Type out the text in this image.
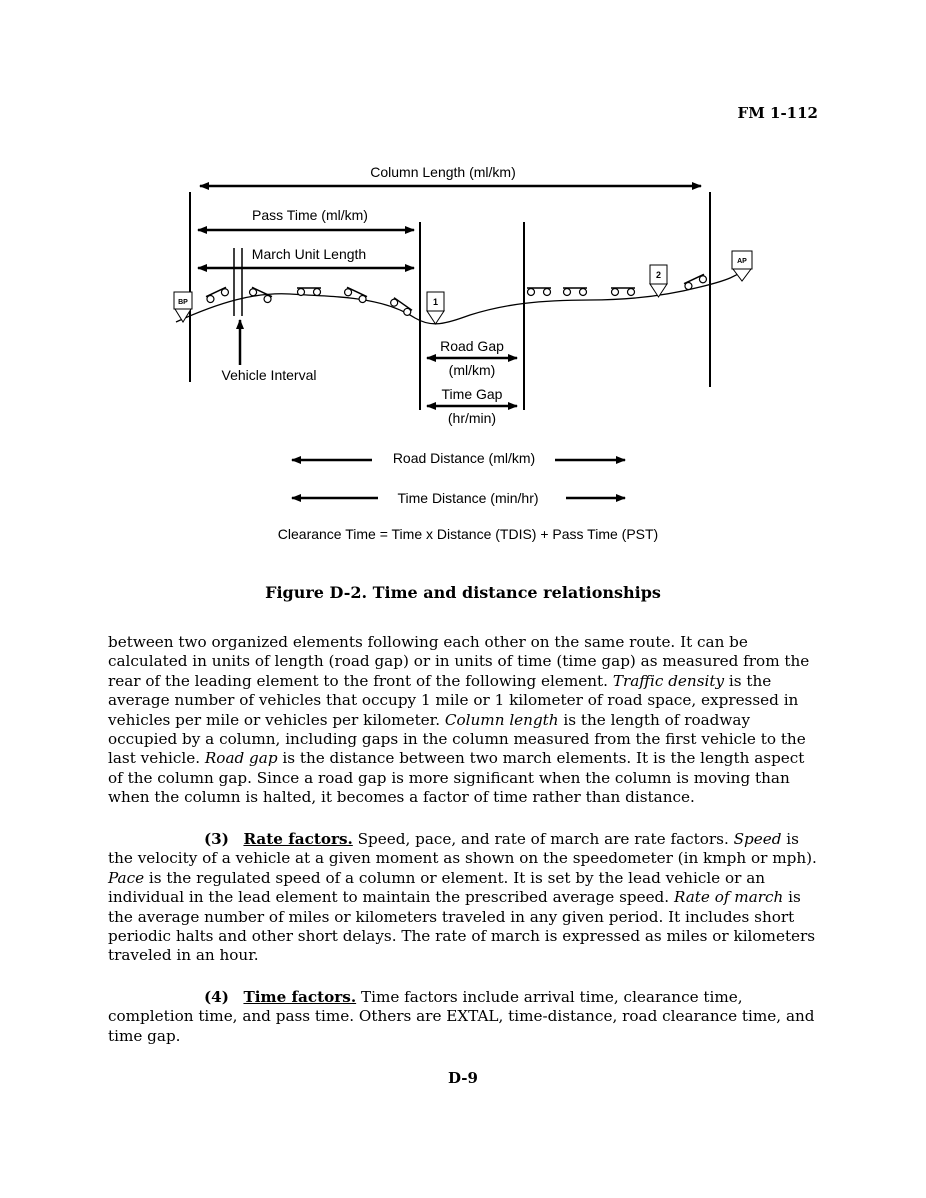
FM 1-112
Column Length (ml/km)
Pass Time (ml/km)
March Unit Length
Vehicle Interval
BP	1
2
AP
Road Gap
(ml/km)
Time Gap
(hr/min)
Road Distance (ml/km)
Time Distance (min/hr)
Clearance Time = Time x Distance (TDIS) + Pass Time (PST)
Figure D-2. Time and distance relationships
between two organized elements following each other on the same route. It can be calculated in units of length (road gap) or in units of time (time gap) as measured from the rear of the leading element to the front of the following element. Traffic density is the average number of vehicles that occupy 1 mile or 1 kilometer of road space, expressed in vehicles per mile or vehicles per kilometer. Column length is the length of roadway occupied by a column, including gaps in the column measured from the first vehicle to the last vehicle. Road gap is the distance between two march elements. It is the length aspect of the column gap. Since a road gap is more significant when the column is moving than when the column is halted, it becomes a factor of time rather than distance.
(3) Rate factors. Speed, pace, and rate of march are rate factors. Speed is the velocity of a vehicle at a given moment as shown on the speedometer (in kmph or mph). Pace is the regulated speed of a column or element. It is set by the lead vehicle or an individual in the lead element to maintain the prescribed average speed. Rate of march is the average number of miles or kilometers traveled in any given period. It includes short periodic halts and other short delays. The rate of march is expressed as miles or kilometers traveled in an hour.
(4) Time factors. Time factors include arrival time, clearance time, completion time, and pass time. Others are EXTAL, time-distance, road clearance time, and time gap.
D-9
